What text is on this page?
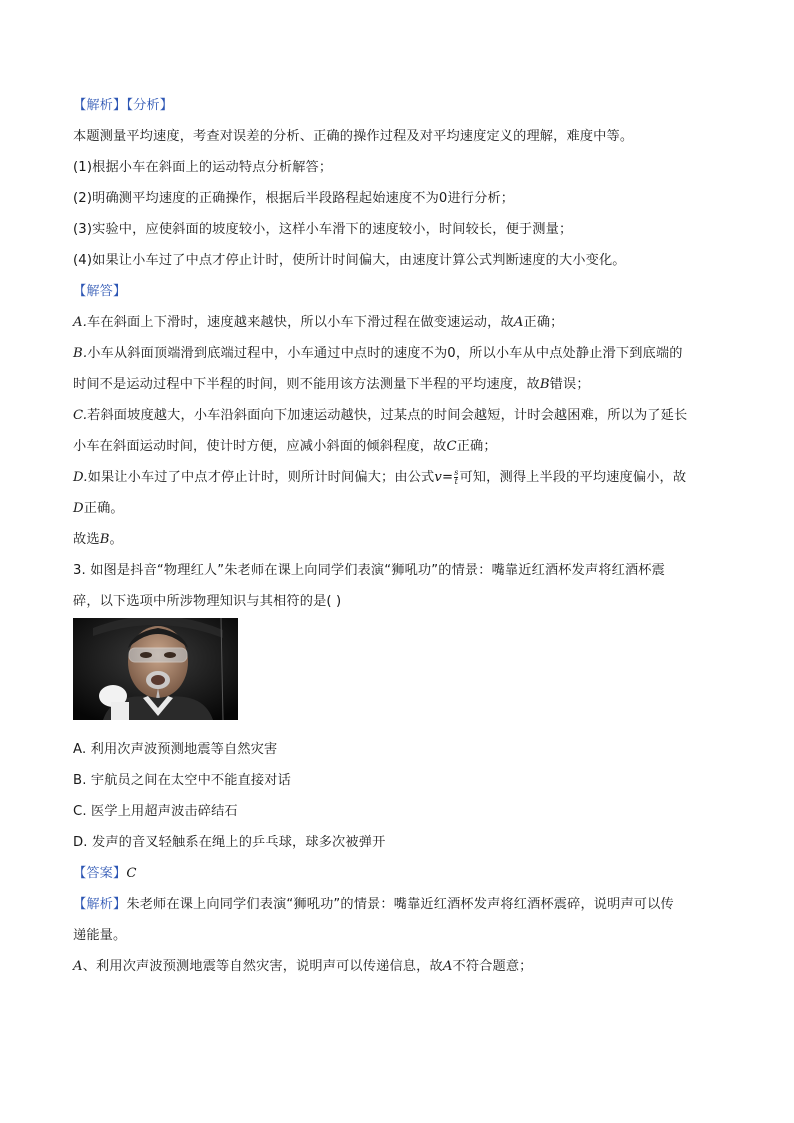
【解析】【分析】
本题测量平均速度，考查对误差的分析、正确的操作过程及对平均速度定义的理解，难度中等。
(1)根据小车在斜面上的运动特点分析解答；
(2)明确测平均速度的正确操作，根据后半段路程起始速度不为0进行分析；
(3)实验中，应使斜面的坡度较小，这样小车滑下的速度较小，时间较长，便于测量；
(4)如果让小车过了中点才停止计时，使所计时间偏大，由速度计算公式判断速度的大小变化。
【解答】
A.车在斜面上下滑时，速度越来越快，所以小车下滑过程在做变速运动，故A正确；
B.小车从斜面顶端滑到底端过程中，小车通过中点时的速度不为0，所以小车从中点处静止滑下到底端的
时间不是运动过程中下半程的时间，则不能用该方法测量下半程的平均速度，故B错误；
C.若斜面坡度越大，小车沿斜面向下加速运动越快，过某点的时间会越短，计时会越困难，所以为了延长
小车在斜面运动时间，使计时方便，应减小斜面的倾斜程度，故C正确；
D.如果让小车过了中点才停止计时，则所计时间偏大；由公式$v= \frac{s}{t}$ 可知，测得上半段的平均速度偏小，故
D正确。
故选B。
3. 如图是抖音“物理红人”朱老师在课上向同学们表演“狮吼功”的情景：嘴靠近红酒杯发声将红酒杯震
碎，以下选项中所涉物理知识与其相符的是( )
A. 利用次声波预测地震等自然灾害
B. 宇航员之间在太空中不能直接对话
C. 医学上用超声波击碎结石
D. 发声的音叉轻触系在绳上的乒乓球，球多次被弹开
【答案】C
【解析】朱老师在课上向同学们表演“狮吼功”的情景：嘴靠近红酒杯发声将红酒杯震碎，说明声可以传
递能量。
A、利用次声波预测地震等自然灾害，说明声可以传递信息，故A不符合题意；
